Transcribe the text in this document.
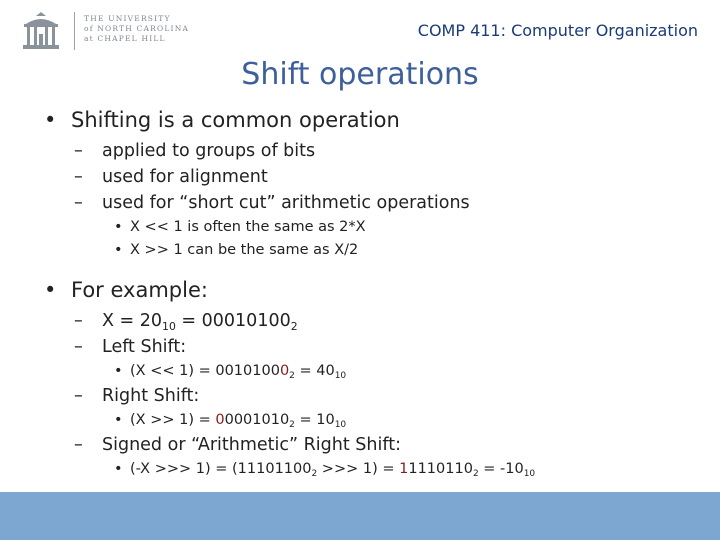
THE UNIVERSITY
of NORTH CAROLINA
at CHAPEL HILL	COMP 411: Computer Organization
Shift operations
• Shifting is a common operation
– applied to groups of bits
– used for alignment
– used for “short cut” arithmetic operations
• X << 1 is often the same as 2*X
• X >> 1 can be the same as X/2
• For example:
– $X = 20_{10} = 00010100_2$
– Left Shift:
• $(X << 1) = 00101000_2 = 40_{10}$
– Right Shift:
• $(X >> 1) = 00001010_2 = 10_{10}$
– Signed or “Arithmetic” Right Shift:
• (-X >>> $1) = (11101100_2$ >>> $1) = 11110110_2 = -10_{10}$
